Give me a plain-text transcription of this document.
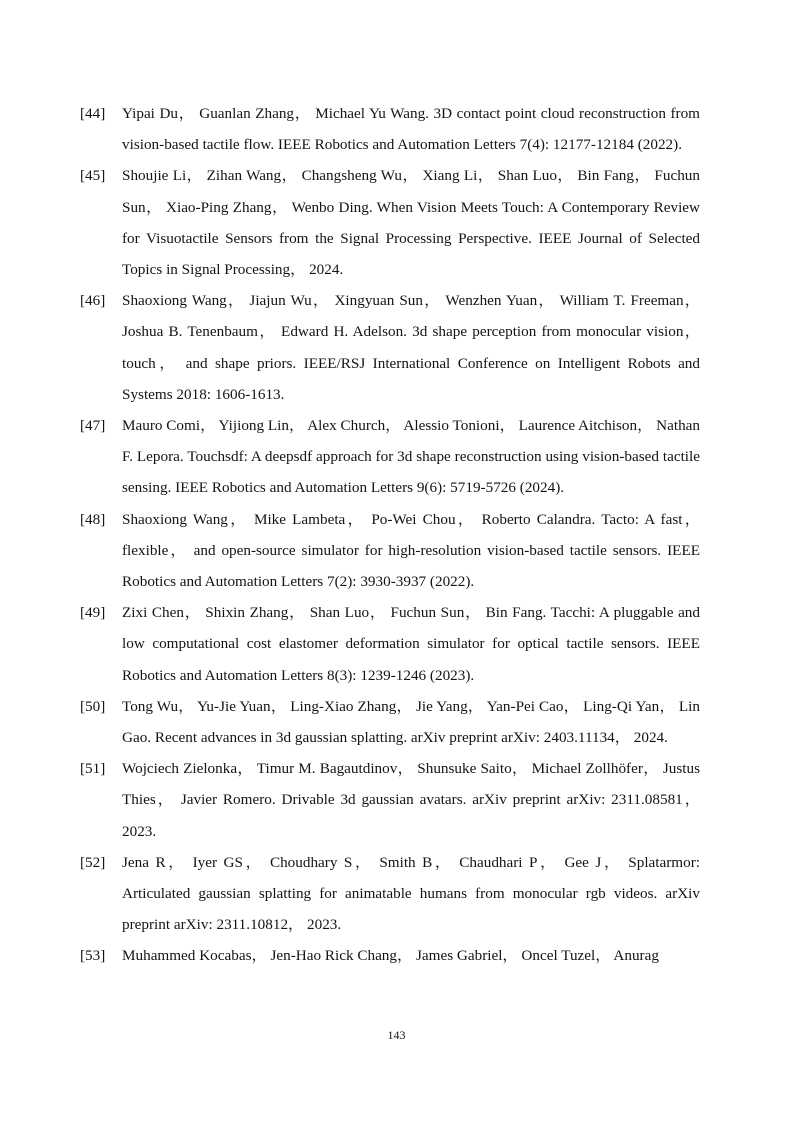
[44]	Yipai Du， Guanlan Zhang， Michael Yu Wang. 3D contact point cloud reconstruction from vision-based tactile flow. IEEE Robotics and Automation Letters 7(4): 12177-12184 (2022).
[45]	Shoujie Li， Zihan Wang， Changsheng Wu， Xiang Li， Shan Luo， Bin Fang， Fuchun Sun， Xiao-Ping Zhang， Wenbo Ding. When Vision Meets Touch: A Contemporary Review for Visuotactile Sensors from the Signal Processing Perspective. IEEE Journal of Selected Topics in Signal Processing， 2024.
[46]	Shaoxiong Wang， Jiajun Wu， Xingyuan Sun， Wenzhen Yuan， William T. Freeman， Joshua B. Tenenbaum， Edward H. Adelson. 3d shape perception from monocular vision， touch， and shape priors. IEEE/RSJ International Conference on Intelligent Robots and Systems 2018: 1606-1613.
[47]	Mauro Comi， Yijiong Lin， Alex Church， Alessio Tonioni， Laurence Aitchison， Nathan F. Lepora. Touchsdf: A deepsdf approach for 3d shape reconstruction using vision-based tactile sensing. IEEE Robotics and Automation Letters 9(6): 5719-5726 (2024).
[48]	Shaoxiong Wang， Mike Lambeta， Po-Wei Chou， Roberto Calandra. Tacto: A fast， flexible， and open-source simulator for high-resolution vision-based tactile sensors. IEEE Robotics and Automation Letters 7(2): 3930-3937 (2022).
[49]	Zixi Chen， Shixin Zhang， Shan Luo， Fuchun Sun， Bin Fang. Tacchi: A pluggable and low computational cost elastomer deformation simulator for optical tactile sensors. IEEE Robotics and Automation Letters 8(3): 1239-1246 (2023).
[50]	Tong Wu， Yu-Jie Yuan， Ling-Xiao Zhang， Jie Yang， Yan-Pei Cao， Ling-Qi Yan， Lin Gao. Recent advances in 3d gaussian splatting. arXiv preprint arXiv: 2403.11134， 2024.
[51]	Wojciech Zielonka， Timur M. Bagautdinov， Shunsuke Saito， Michael Zollhöfer， Justus Thies， Javier Romero. Drivable 3d gaussian avatars. arXiv preprint arXiv: 2311.08581， 2023.
[52]	Jena R， Iyer GS， Choudhary S， Smith B， Chaudhari P， Gee J， Splatarmor: Articulated gaussian splatting for animatable humans from monocular rgb videos. arXiv preprint arXiv: 2311.10812， 2023.
[53]	Muhammed Kocabas， Jen-Hao Rick Chang， James Gabriel， Oncel Tuzel， Anurag
143
